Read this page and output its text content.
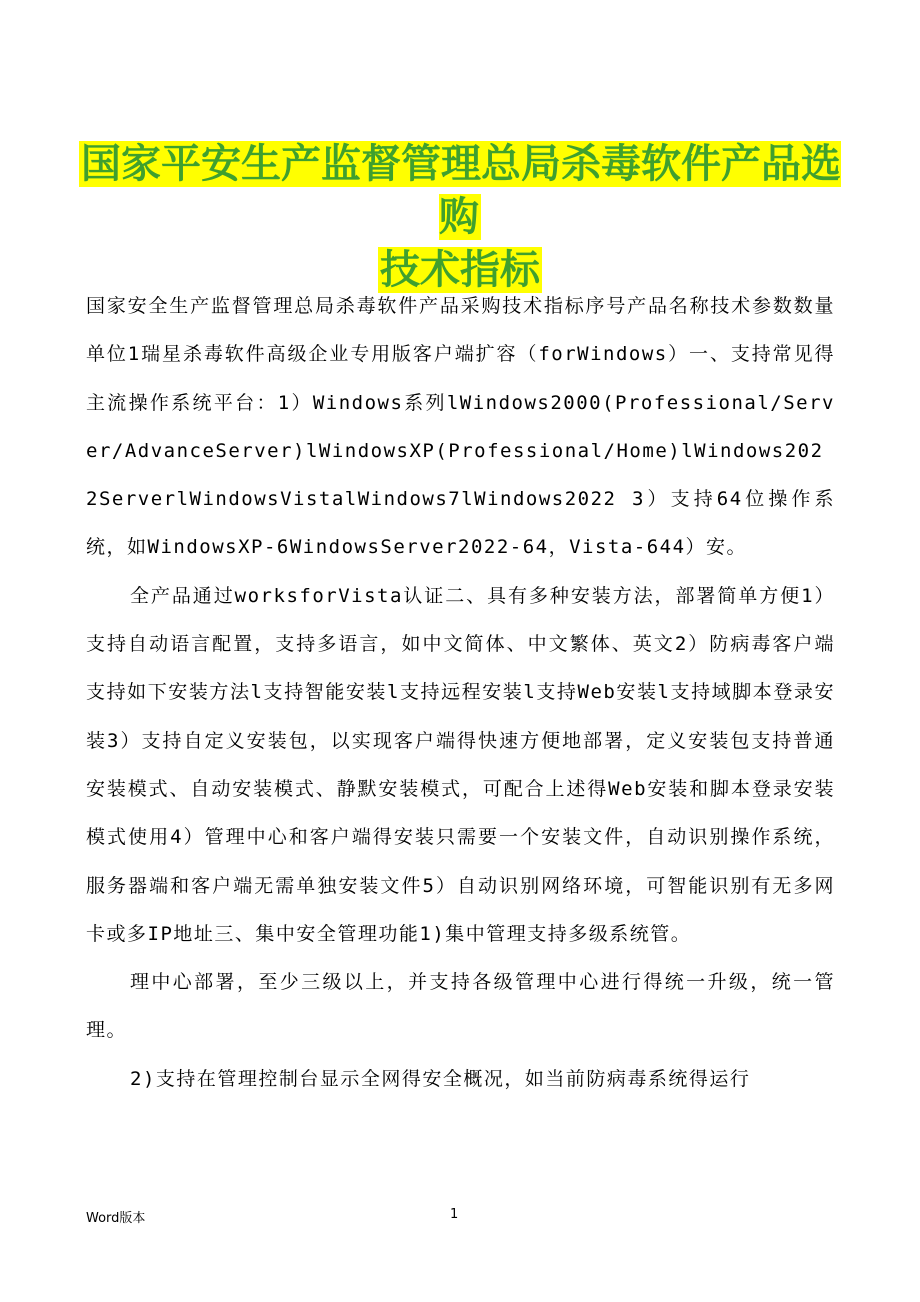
国家平安生产监督管理总局杀毒软件产品选购
技术指标

国家安全生产监督管理总局杀毒软件产品采购技术指标序号产品名称技术参数数量单位1瑞星杀毒软件高级企业专用版客户端扩容（forWindows）一、支持常见得主流操作系统平台：1）Windows系列lWindows2000(Professional/Server/AdvanceServer)lWindowsXP(Professional/Home)lWindows2022ServerlWindowsVistalWindows7lWindows2022 3）支持64位操作系统，如WindowsXP-6WindowsServer2022-64，Vista-644）安。

全产品通过worksforVista认证二、具有多种安装方法，部署简单方便1）支持自动语言配置，支持多语言，如中文简体、中文繁体、英文2）防病毒客户端支持如下安装方法l支持智能安装l支持远程安装l支持Web安装l支持域脚本登录安装3）支持自定义安装包，以实现客户端得快速方便地部署，定义安装包支持普通安装模式、自动安装模式、静默安装模式，可配合上述得Web安装和脚本登录安装模式使用4）管理中心和客户端得安装只需要一个安装文件，自动识别操作系统，服务器端和客户端无需单独安装文件5）自动识别网络环境，可智能识别有无多网卡或多IP地址三、集中安全管理功能1)集中管理支持多级系统管。

理中心部署，至少三级以上，并支持各级管理中心进行得统一升级，统一管理。

2)支持在管理控制台显示全网得安全概况，如当前防病毒系统得运行

Word版本	1
